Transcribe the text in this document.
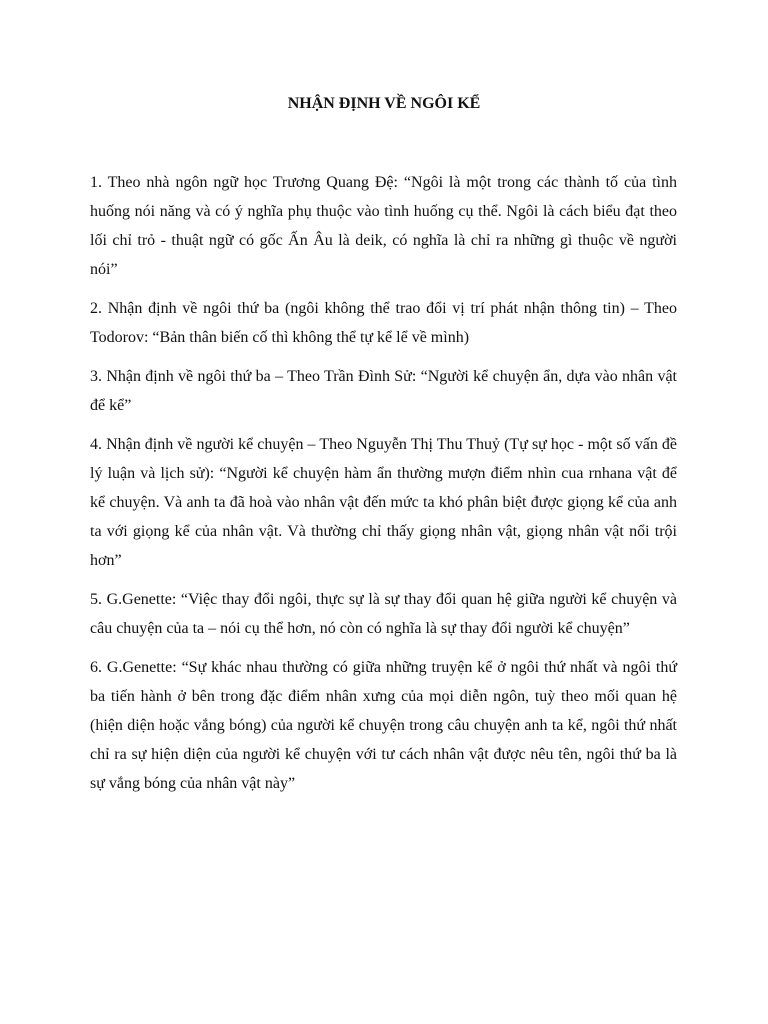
NHẬN ĐỊNH VỀ NGÔI KỂ

1. Theo nhà ngôn ngữ học Trương Quang Đệ: “Ngôi là một trong các thành tố của tình huống nói năng và có ý nghĩa phụ thuộc vào tình huống cụ thể. Ngôi là cách biểu đạt theo lối chỉ trỏ - thuật ngữ có gốc Ấn Âu là deik, có nghĩa là chỉ ra những gì thuộc về người nói”

2. Nhận định về ngôi thứ ba (ngôi không thể trao đổi vị trí phát nhận thông tin) – Theo Todorov: “Bản thân biến cố thì không thể tự kể lể về mình)

3. Nhận định về ngôi thứ ba – Theo Trần Đình Sử: “Người kể chuyện ẩn, dựa vào nhân vật để kể”

4. Nhận định về người kể chuyện – Theo Nguyễn Thị Thu Thuỷ (Tự sự học - một số vấn đề lý luận và lịch sử): “Người kể chuyện hàm ẩn thường mượn điểm nhìn cua rnhana vật để kể chuyện. Và anh ta đã hoà vào nhân vật đến mức ta khó phân biệt được giọng kể của anh ta với giọng kể của nhân vật. Và thường chỉ thấy giọng nhân vật, giọng nhân vật nổi trội hơn”

5. G.Genette: “Việc thay đổi ngôi, thực sự là sự thay đổi quan hệ giữa người kể chuyện và câu chuyện của ta – nói cụ thể hơn, nó còn có nghĩa là sự thay đổi người kể chuyện”

6. G.Genette: “Sự khác nhau thường có giữa những truyện kể ở ngôi thứ nhất và ngôi thứ ba tiến hành ở bên trong đặc điểm nhân xưng của mọi diễn ngôn, tuỳ theo mối quan hệ (hiện diện hoặc vắng bóng) của người kể chuyện trong câu chuyện anh ta kể, ngôi thứ nhất chỉ ra sự hiện diện của người kể chuyện với tư cách nhân vật được nêu tên, ngôi thứ ba là sự vắng bóng của nhân vật này”
